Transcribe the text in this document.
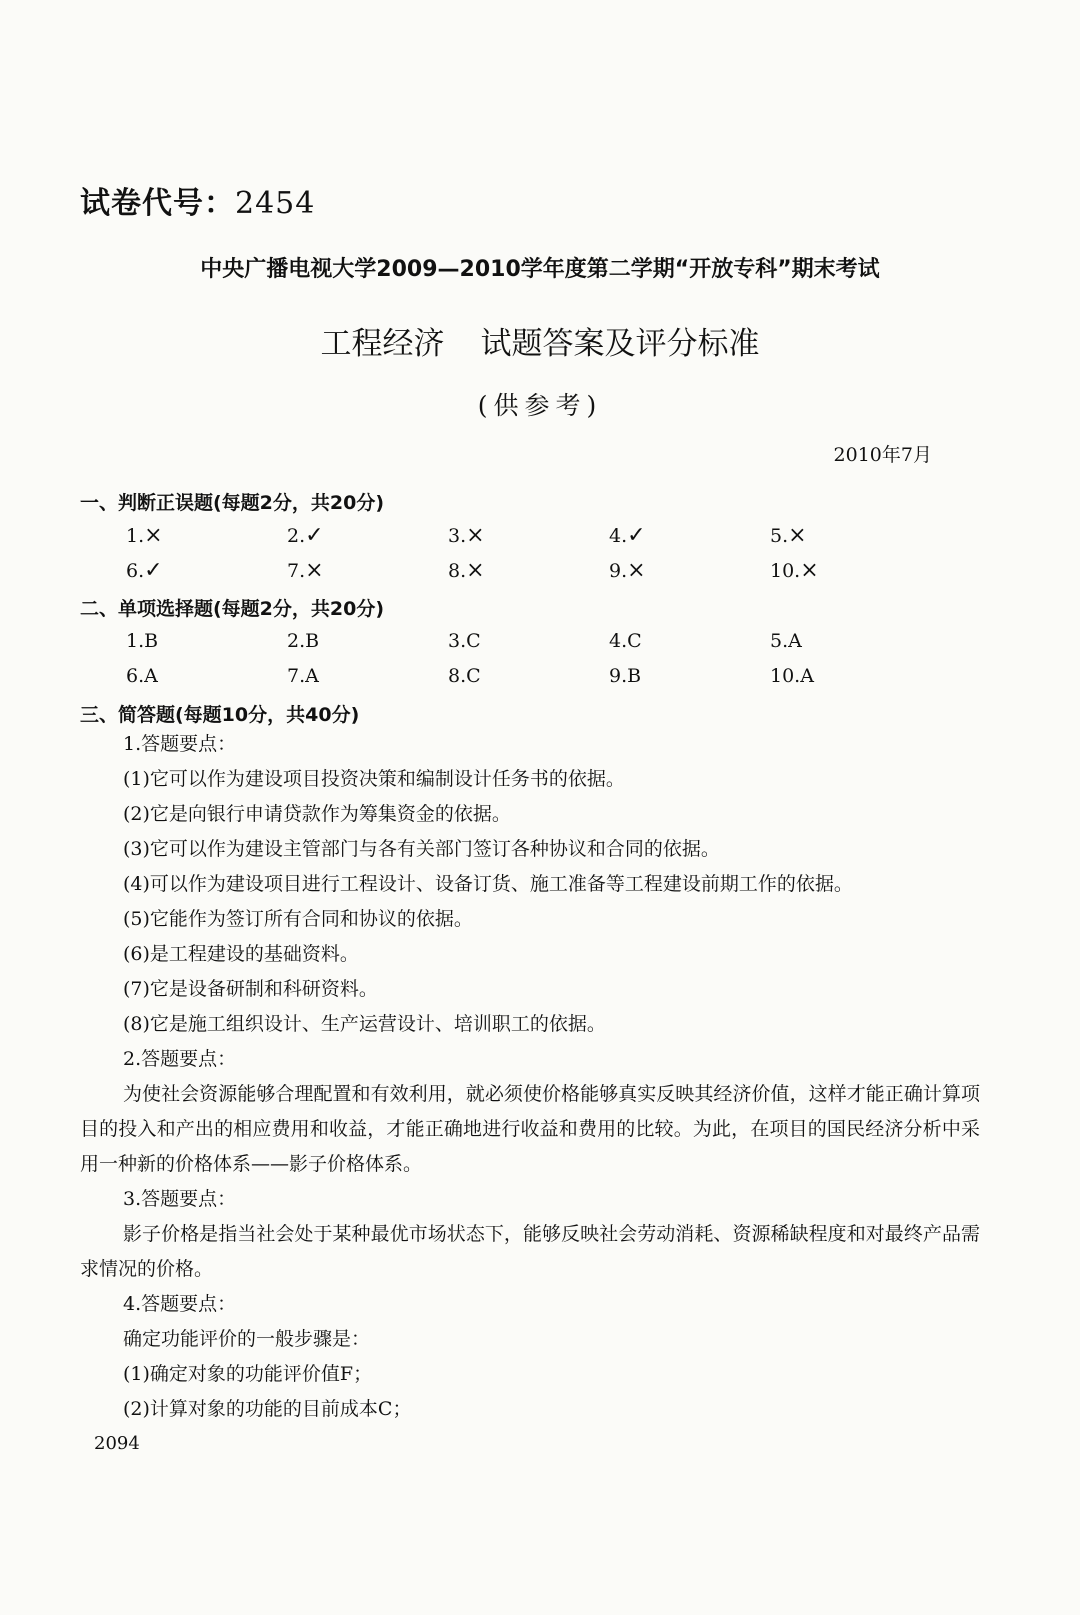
试卷代号：2454
中央广播电视大学2009—2010学年度第二学期“开放专科”期末考试
工程经济 试题答案及评分标准
(供参考)
2010年7月
一、判断正误题(每题2分，共20分)
1. ×	2. ✓	3. ×	4. ✓	5. ×
6. ✓	7. ×	8. ×	9. ×	10. ×
二、单项选择题(每题2分，共20分)
1.B	2.B	3.C	4.C	5.A
6.A	7.A	8.C	9.B	10.A
三、简答题(每题10分，共40分)
1.答题要点：
(1)它可以作为建设项目投资决策和编制设计任务书的依据。
(2)它是向银行申请贷款作为筹集资金的依据。
(3)它可以作为建设主管部门与各有关部门签订各种协议和合同的依据。
(4)可以作为建设项目进行工程设计、设备订货、施工准备等工程建设前期工作的依据。
(5)它能作为签订所有合同和协议的依据。
(6)是工程建设的基础资料。
(7)它是设备研制和科研资料。
(8)它是施工组织设计、生产运营设计、培训职工的依据。
2.答题要点：
为使社会资源能够合理配置和有效利用，就必须使价格能够真实反映其经济价值，这样才能正确计算项目的投入和产出的相应费用和收益，才能正确地进行收益和费用的比较。为此，在项目的国民经济分析中采用一种新的价格体系——影子价格体系。
3.答题要点：
影子价格是指当社会处于某种最优市场状态下，能够反映社会劳动消耗、资源稀缺程度和对最终产品需求情况的价格。
4.答题要点：
确定功能评价的一般步骤是：
(1)确定对象的功能评价值F；
(2)计算对象的功能的目前成本C；
2094
